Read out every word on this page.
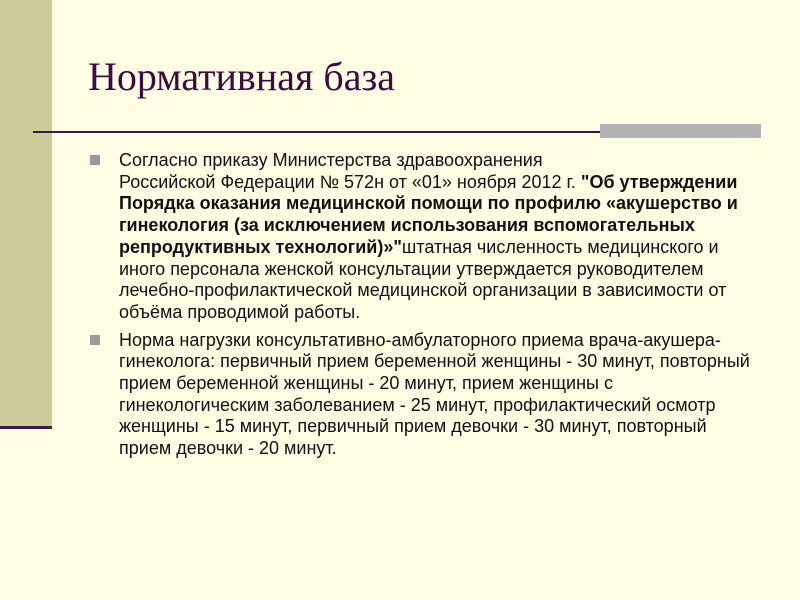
Нормативная база
Согласно приказу Министерства здравоохранения
Российской Федерации № 572н от «01» ноября 2012 г. "Об утверждении Порядка оказания медицинской помощи по профилю «акушерство и гинекология (за исключением использования вспомогательных репродуктивных технологий)»"штатная численность медицинского и иного персонала женской консультации утверждается руководителем лечебно-профилактической медицинской организации в зависимости от объёма проводимой работы.
Норма нагрузки консультативно-амбулаторного приема врача-акушера-гинеколога: первичный прием беременной женщины - 30 минут, повторный прием беременной женщины - 20 минут, прием женщины с гинекологическим заболеванием - 25 минут, профилактический осмотр женщины - 15 минут, первичный прием девочки - 30 минут, повторный прием девочки - 20 минут.
